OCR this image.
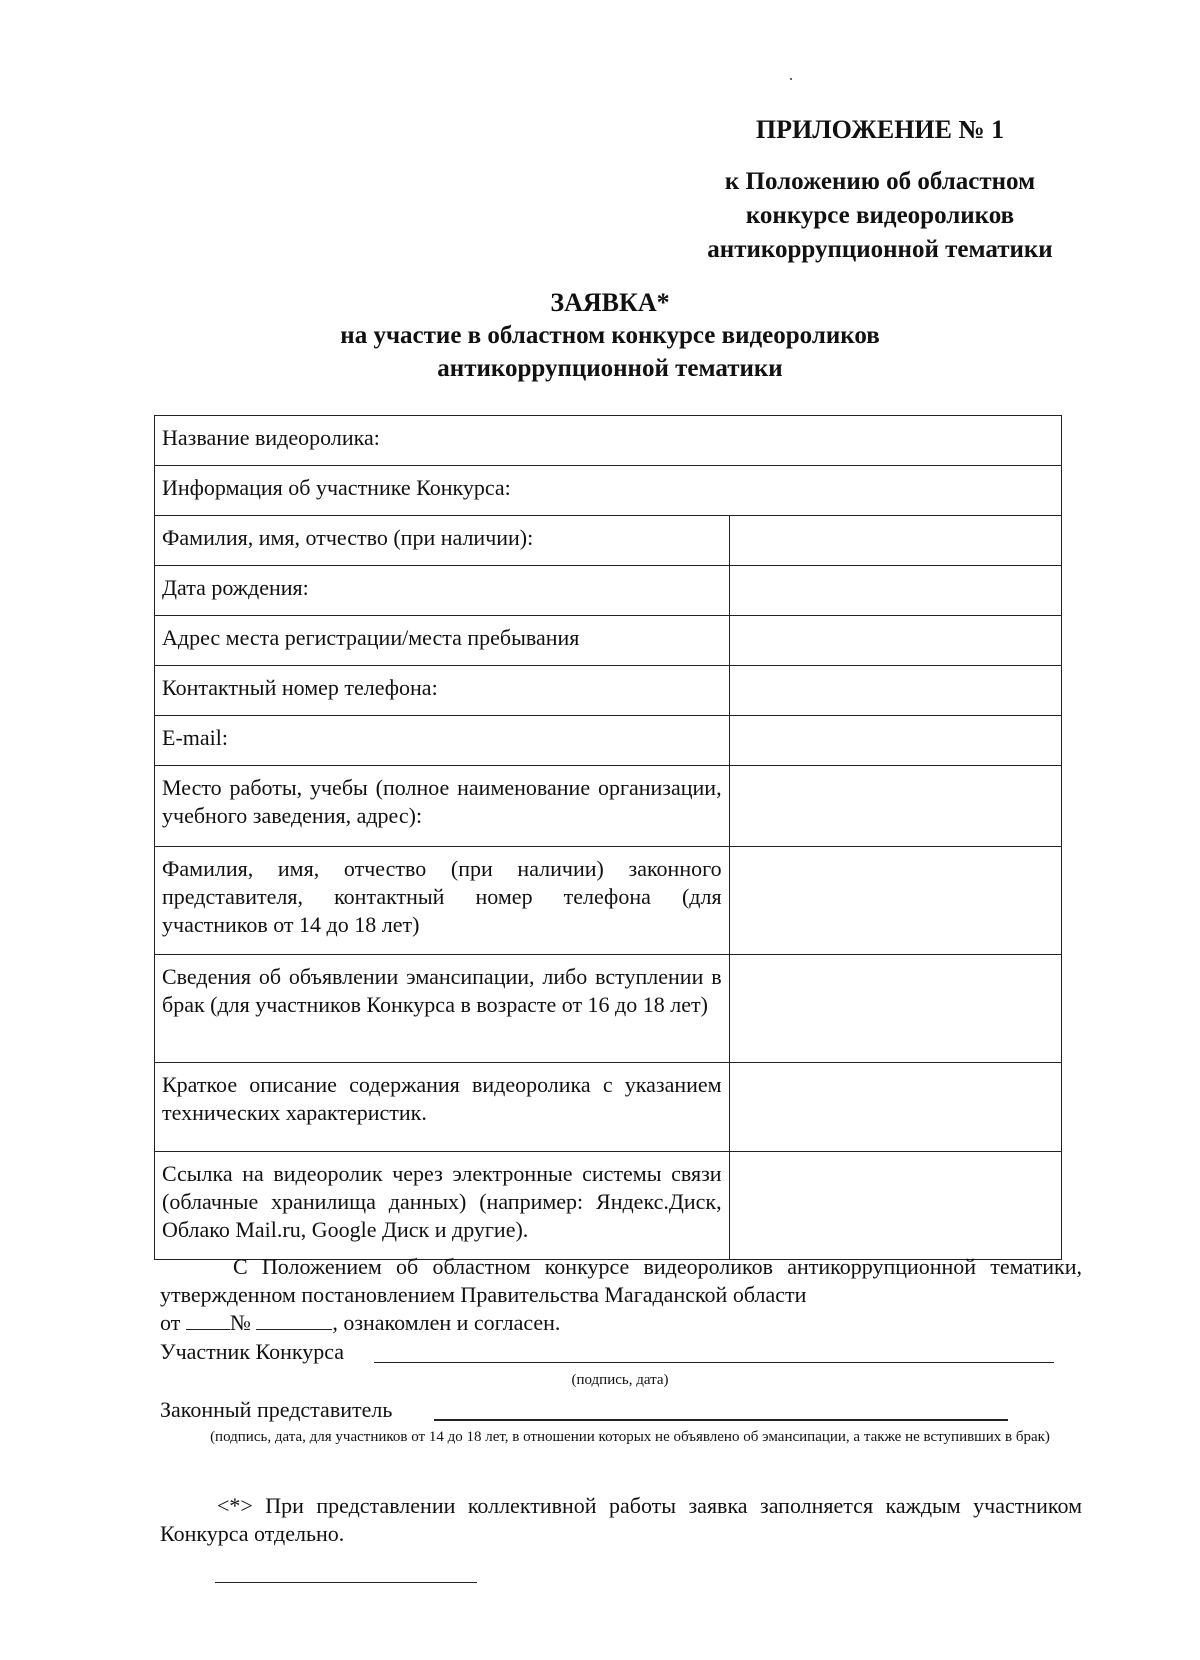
ПРИЛОЖЕНИЕ № 1
к Положению об областном
конкурсе видеороликов
антикоррупционной тематики
ЗАЯВКА*
на участие в областном конкурсе видеороликов
антикоррупционной тематики
Название видеоролика:	
Информация об участнике Конкурса:	
Фамилия, имя, отчество (при наличии):	
Дата рождения:	
Адрес места регистрации/места пребывания	
Контактный номер телефона:	
E-mail:	
Место работы, учебы (полное наименование организации, учебного заведения, адрес):	
Фамилия, имя, отчество (при наличии) законного представителя, контактный номер телефона (для участников от 14 до 18 лет)	
Сведения об объявлении эмансипации, либо вступлении в брак (для участников Конкурса в возрасте от 16 до 18 лет)	
Краткое описание содержания видеоролика с указанием технических характеристик.	
Ссылка на видеоролик через электронные системы связи (облачные хранилища данных) (например: Яндекс.Диск, Облако Mail.ru, Google Диск и другие).	
С Положением об областном конкурсе видеороликов антикоррупционной тематики, утвержденном постановлением Правительства Магаданской области
от №	, ознакомлен и согласен.
Участник Конкурса
(подпись, дата)
Законный представитель
(подпись, дата, для участников от 14 до 18 лет, в отношении которых не объявлено об эмансипации, а также не вступивших в брак)
<*> При представлении коллективной работы заявка заполняется каждым участником Конкурса отдельно.
